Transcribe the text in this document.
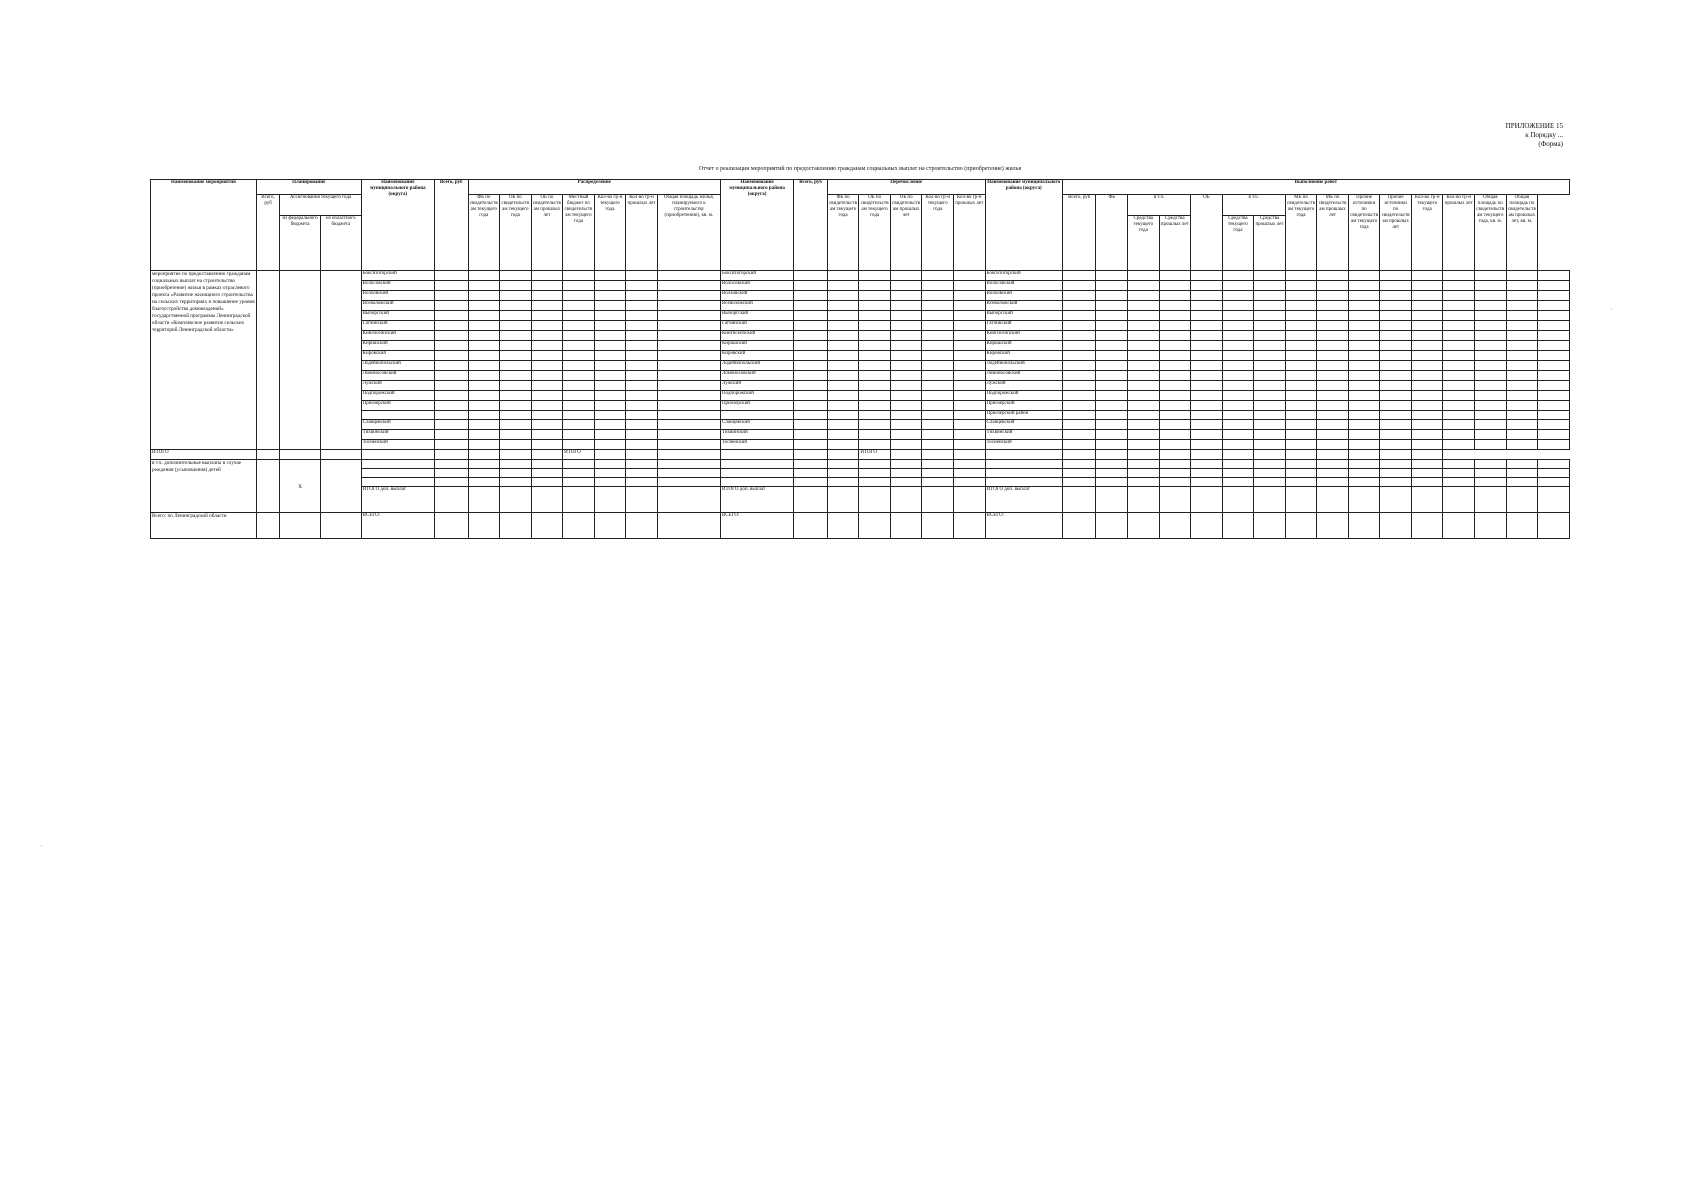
ПРИЛОЖЕНИЕ 15
к Порядку ...
(Форма)
Отчет о реализации мероприятий по предоставлению гражданам социальных выплат на строительство (приобретение) жилья
Наименование мероприятия	Планирование			Наименование муниципального района (округа)	Всего, руб	Распределение							Наименование муниципального района (округа)	Всего, руб	Перечисление					Наименование муниципального района (округа)	Выполнение работ															
	Всего, руб	Ассигнования текущего года				ФБ по свидетельствам текущего года	ОБ по свидетельствам текущего года	ОБ по свидетельствам прошлых лет	Местный бюджет по свидетельствам текущего года	Кол-во гр-н текущего года	Кол-во гр-н прошлых лет	Общая площадь жилья, планируемого к строительству (приобретению), кв. м.			ФБ по свидетельствам текущего года	ОБ по свидетельствам текущего года	ОБ по свидетельствам прошлых лет	Кол-во гр-н текущего года	Кол-во гр-н прошлых лет		Всего, руб	ФБ	в т.ч.		ОБ	в т.ч.		МБ по свидетельствам текущего года	МБ по свидетельствам прошлых лет	Прочие источники по свидетельствам текущего года	Прочие источники по свидетельствам прошлых лет	Кол-во гр-н текущего года	Кол-во гр-н прошлых лет	Общая площадь по свидетельствам текущего года, кв. м.	Общая площадь по свидетельствам прошлых лет, кв. м.	
		из федерального бюджета	из областного бюджета																				Средства текущего года	Средства прошлых лет		Средства текущего года	Средства прошлых лет									
мероприятие по предоставлению гражданам социальных выплат на строительство (приобретение) жилья в рамках отраслевого проекта «Развитие жилищного строительства на сельских территориях и повышение уровня благоустройства домовладений» государственной программы Ленинградской области «Комплексное развитие сельских территорий Ленинградской области»				Бокситогорский									Бокситогорский							Бокситогорский																
				Волосовский									Волосовский							Волосовский																
				Волховский									Волховский							Волховский																
				Всеволожский									Всеволожский							Всеволожский																
				Выборгский									Выборгский							Выборгский																
				Гатчинский									Гатчинский							Гатчинский																
				Кингисеппский									Кингисеппский							Кингисеппский																
				Киришский									Киришский							Киришский																
				Кировский									Кировский							Кировский																
				Лодейнопольский									Лодейнопольский							Лодейнопольский																
				Ломоносовский									Ломоносовский							Ломоносовский																
				Лужский									Лужский							Лужский																
				Подпорожский									Подпорожский							Подпорожский																
				Приозерский									Приозерский							Приозерский																
																				Приозерский район																
				Сланцевский									Сланцевский							Сланцевский																
				Тихвинский									Тихвинский							Тихвинский																
				Тосненский									Тосненский							Тосненский																
ИТОГО									ИТОГО							ИТОГО																				
в т.ч. дополнительные выплаты в случае рождения (усыновления) детей		х																																		

				ИТОГО доп. выплат									ИТОГО доп. выплат							ИТОГО доп. выплат																
Всего: по Ленинградской области				ВСЕГО:									ВСЕГО:							ВСЕГО:																
·
·
